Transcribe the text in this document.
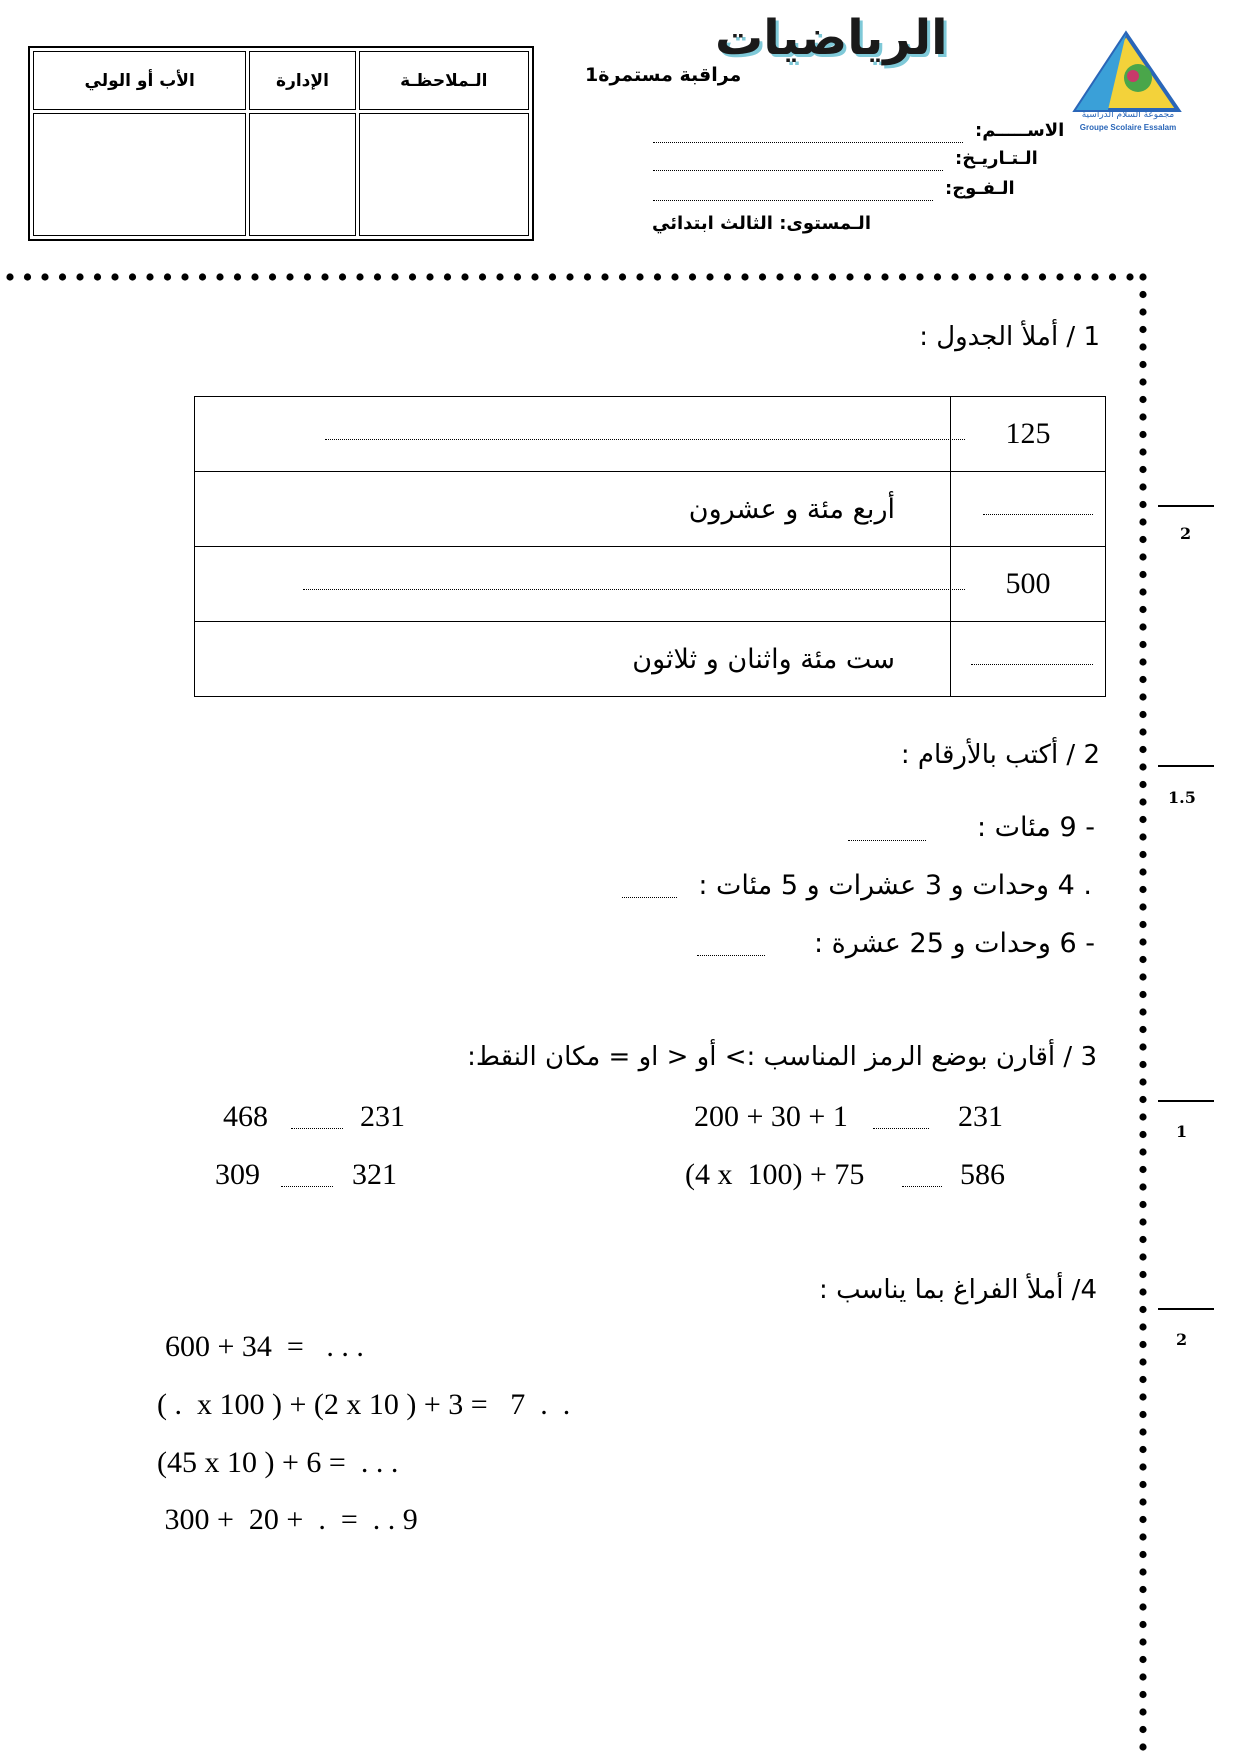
الأب أو الولي	الإدارة	الـملاحظـة

الرياضيات
مراقبة مستمرة1
مجموعة السلام الدراسية
Groupe Scolaire Essalam
الاســـــم:
الـتـاريـخ:
الـفـوج:
الـمستوى: الثالث ابتدائي
1 / أملأ الجدول :
	125
أربع مئة و عشرون	

	500
ست مئة واثنان و ثلاثون	
2
2 / أكتب بالأرقام :
- 9 مئات :
. 4 وحدات و 3 عشرات و 5 مئات :
- 6 وحدات و 25 عشرة :
1.5
3 / أقارن بوضع الرمز المناسب :> أو < او = مكان النقط:
200 + 30 + 1	231
(4 x  100) + 75	586
468	231
309	321
1
4/ أملأ الفراغ بما يناسب :
600 + 34  =   . . .
( .  x 100 ) + (2 x 10 ) + 3 =   7  .  .
(45 x 10 ) + 6 =  . . .
300 +  20 +  .  =  . . 9
2
